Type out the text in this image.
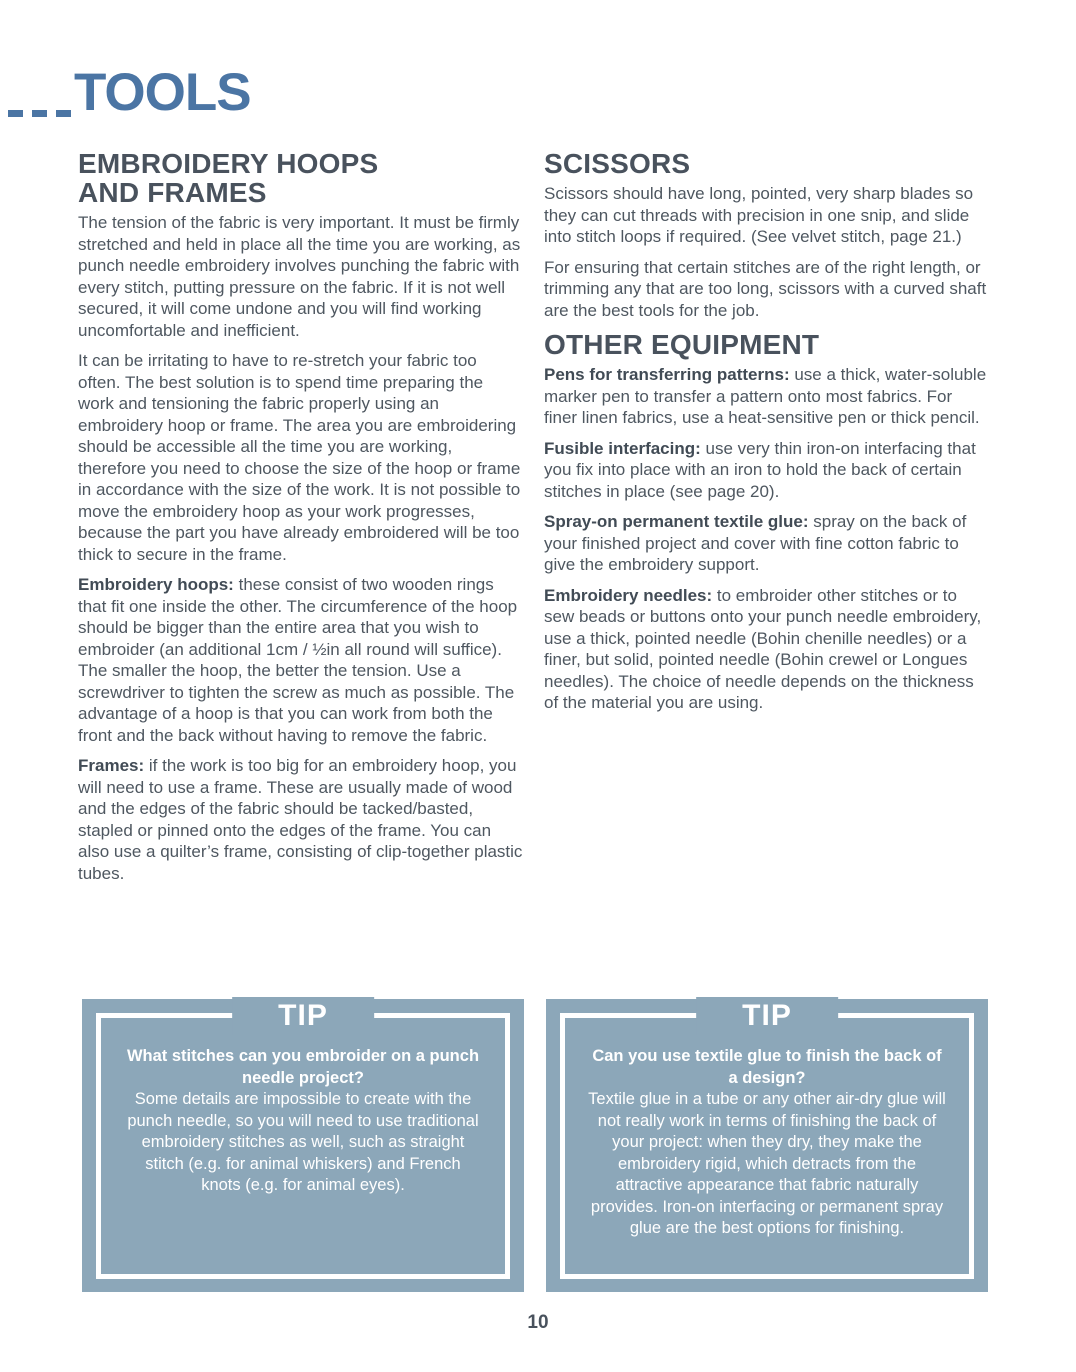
TOOLS
EMBROIDERY HOOPS
AND FRAMES

The tension of the fabric is very important. It must be firmly stretched and held in place all the time you are working, as punch needle embroidery involves punching the fabric with every stitch, putting pressure on the fabric. If it is not well secured, it will come undone and you will find working uncomfortable and inefficient.

It can be irritating to have to re-stretch your fabric too often. The best solution is to spend time preparing the work and tensioning the fabric properly using an embroidery hoop or frame. The area you are embroidering should be accessible all the time you are working, therefore you need to choose the size of the hoop or frame in accordance with the size of the work. It is not possible to move the embroidery hoop as your work progresses, because the part you have already embroidered will be too thick to secure in the frame.

Embroidery hoops: these consist of two wooden rings that fit one inside the other. The circumference of the hoop should be bigger than the entire area that you wish to embroider (an additional 1cm / ½in all round will suffice). The smaller the hoop, the better the tension. Use a screwdriver to tighten the screw as much as possible. The advantage of a hoop is that you can work from both the front and the back without having to remove the fabric.

Frames: if the work is too big for an embroidery hoop, you will need to use a frame. These are usually made of wood and the edges of the fabric should be tacked/basted, stapled or pinned onto the edges of the frame. You can also use a quilter’s frame, consisting of clip-together plastic tubes.

SCISSORS

Scissors should have long, pointed, very sharp blades so they can cut threads with precision in one snip, and slide into stitch loops if required. (See velvet stitch, page 21.)

For ensuring that certain stitches are of the right length, or trimming any that are too long, scissors with a curved shaft are the best tools for the job.

OTHER EQUIPMENT

Pens for transferring patterns: use a thick, water-soluble marker pen to transfer a pattern onto most fabrics. For finer linen fabrics, use a heat-sensitive pen or thick pencil.

Fusible interfacing: use very thin iron-on interfacing that you fix into place with an iron to hold the back of certain stitches in place (see page 20).

Spray-on permanent textile glue: spray on the back of your finished project and cover with fine cotton fabric to give the embroidery support.

Embroidery needles: to embroider other stitches or to sew beads or buttons onto your punch needle embroidery, use a thick, pointed needle (Bohin chenille needles) or a finer, but solid, pointed needle (Bohin crewel or Longues needles). The choice of needle depends on the thickness of the material you are using.

TIP

What stitches can you embroider on a punch needle project?

Some details are impossible to create with the punch needle, so you will need to use traditional embroidery stitches as well, such as straight stitch (e.g. for animal whiskers) and French knots (e.g. for animal eyes).

TIP

Can you use textile glue to finish the back of a design?

Textile glue in a tube or any other air-dry glue will not really work in terms of finishing the back of your project: when they dry, they make the embroidery rigid, which detracts from the attractive appearance that fabric naturally provides. Iron-on interfacing or permanent spray glue are the best options for finishing.

10
